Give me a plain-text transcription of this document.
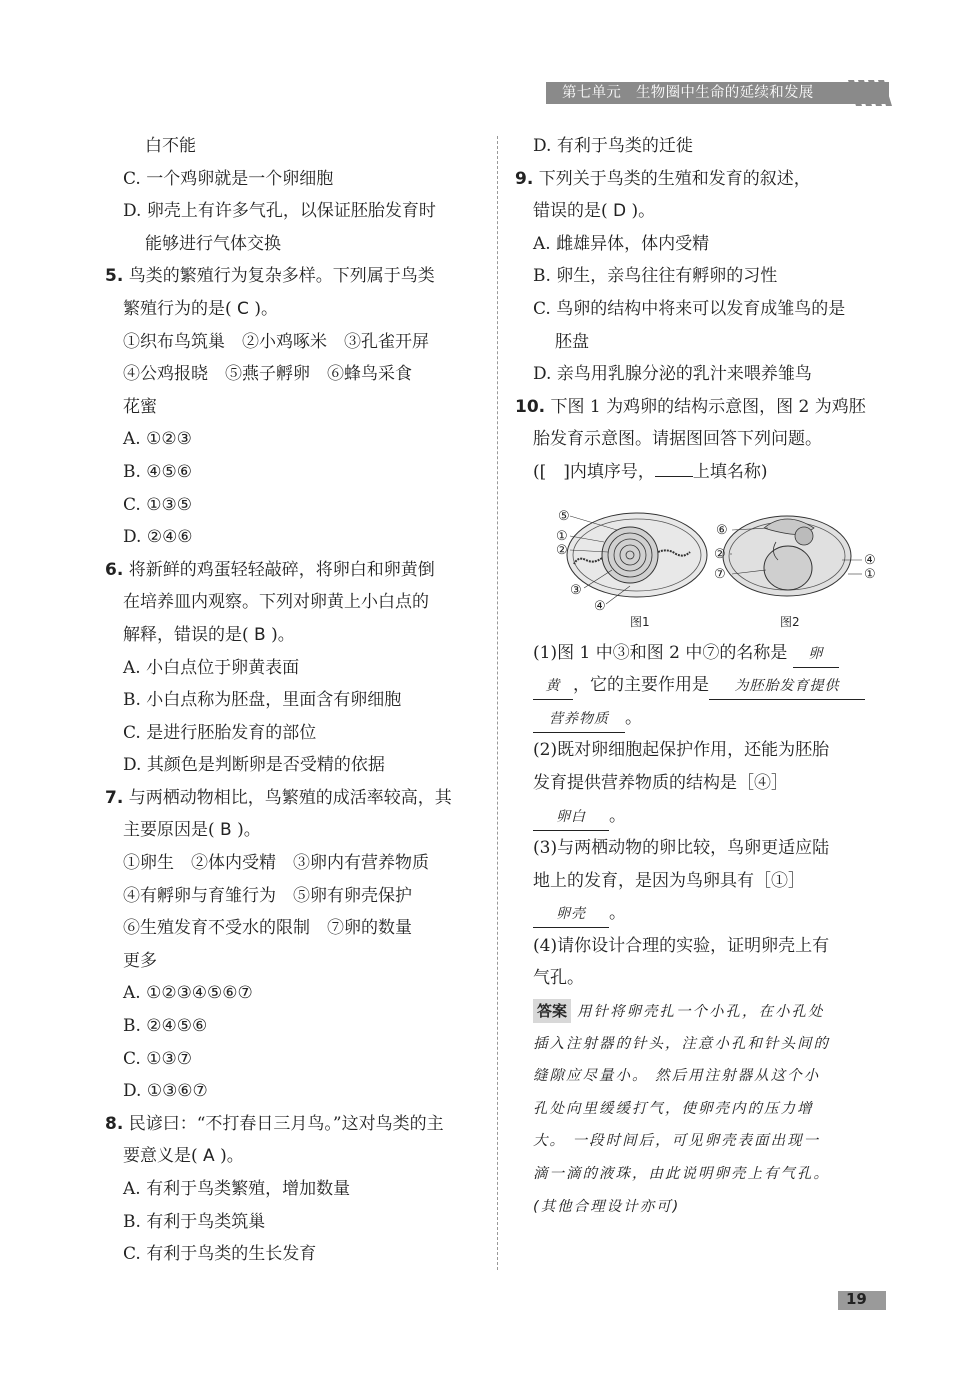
第七单元　生物圈中生命的延续和发展
白不能
C. 一个鸡卵就是一个卵细胞
D. 卵壳上有许多气孔，以保证胚胎发育时
能够进行气体交换
5. 鸟类的繁殖行为复杂多样。下列属于鸟类
繁殖行为的是( C )。
①织布鸟筑巢　②小鸡啄米　③孔雀开屏
④公鸡报晓　⑤燕子孵卵　⑥蜂鸟采食
花蜜
A. ①②③
B. ④⑤⑥
C. ①③⑤
D. ②④⑥
6. 将新鲜的鸡蛋轻轻敲碎，将卵白和卵黄倒
在培养皿内观察。下列对卵黄上小白点的
解释，错误的是( B )。
A. 小白点位于卵黄表面
B. 小白点称为胚盘，里面含有卵细胞
C. 是进行胚胎发育的部位
D. 其颜色是判断卵是否受精的依据
7. 与两栖动物相比，鸟繁殖的成活率较高，其
主要原因是( B )。
①卵生　②体内受精　③卵内有营养物质
④有孵卵与育雏行为　⑤卵有卵壳保护
⑥生殖发育不受水的限制　⑦卵的数量
更多
A. ①②③④⑤⑥⑦
B. ②④⑤⑥
C. ①③⑦
D. ①③⑥⑦
8. 民谚曰：“不打春日三月鸟。”这对鸟类的主
要意义是( A )。
A. 有利于鸟类繁殖，增加数量
B. 有利于鸟类筑巢
C. 有利于鸟类的生长发育
D. 有利于鸟类的迁徙
9. 下列关于鸟类的生殖和发育的叙述，
错误的是( D )。
A. 雌雄异体，体内受精
B. 卵生，亲鸟往往有孵卵的习性
C. 鸟卵的结构中将来可以发育成雏鸟的是
胚盘
D. 亲鸟用乳腺分泌的乳汁来喂养雏鸟
10. 下图 1 为鸡卵的结构示意图，图 2 为鸡胚
胎发育示意图。请据图回答下列问题。
([　]内填序号， 上填名称)
(1)图 1 中③和图 2 中⑦的名称是 卵
黄 ，它的主要作用是 为胚胎发育提供
营养物质 。
(2)既对卵细胞起保护作用，还能为胚胎
发育提供营养物质的结构是［④］
卵白 。
(3)与两栖动物的卵比较，鸟卵更适应陆
地上的发育，是因为鸟卵具有［①］
卵壳 。
(4)请你设计合理的实验，证明卵壳上有
气孔。
答案 用针将卵壳扎一个小孔，在小孔处
插入注射器的针头，注意小孔和针头间的
缝隙应尽量小。 然后用注射器从这个小
孔处向里缓缓打气，使卵壳内的压力增
大。 一段时间后，可见卵壳表面出现一
滴一滴的液珠，由此说明卵壳上有气孔。
(其他合理设计亦可)
⑤
①
②
③
④
图1
⑥
②
⑦
④
①
图2
19
